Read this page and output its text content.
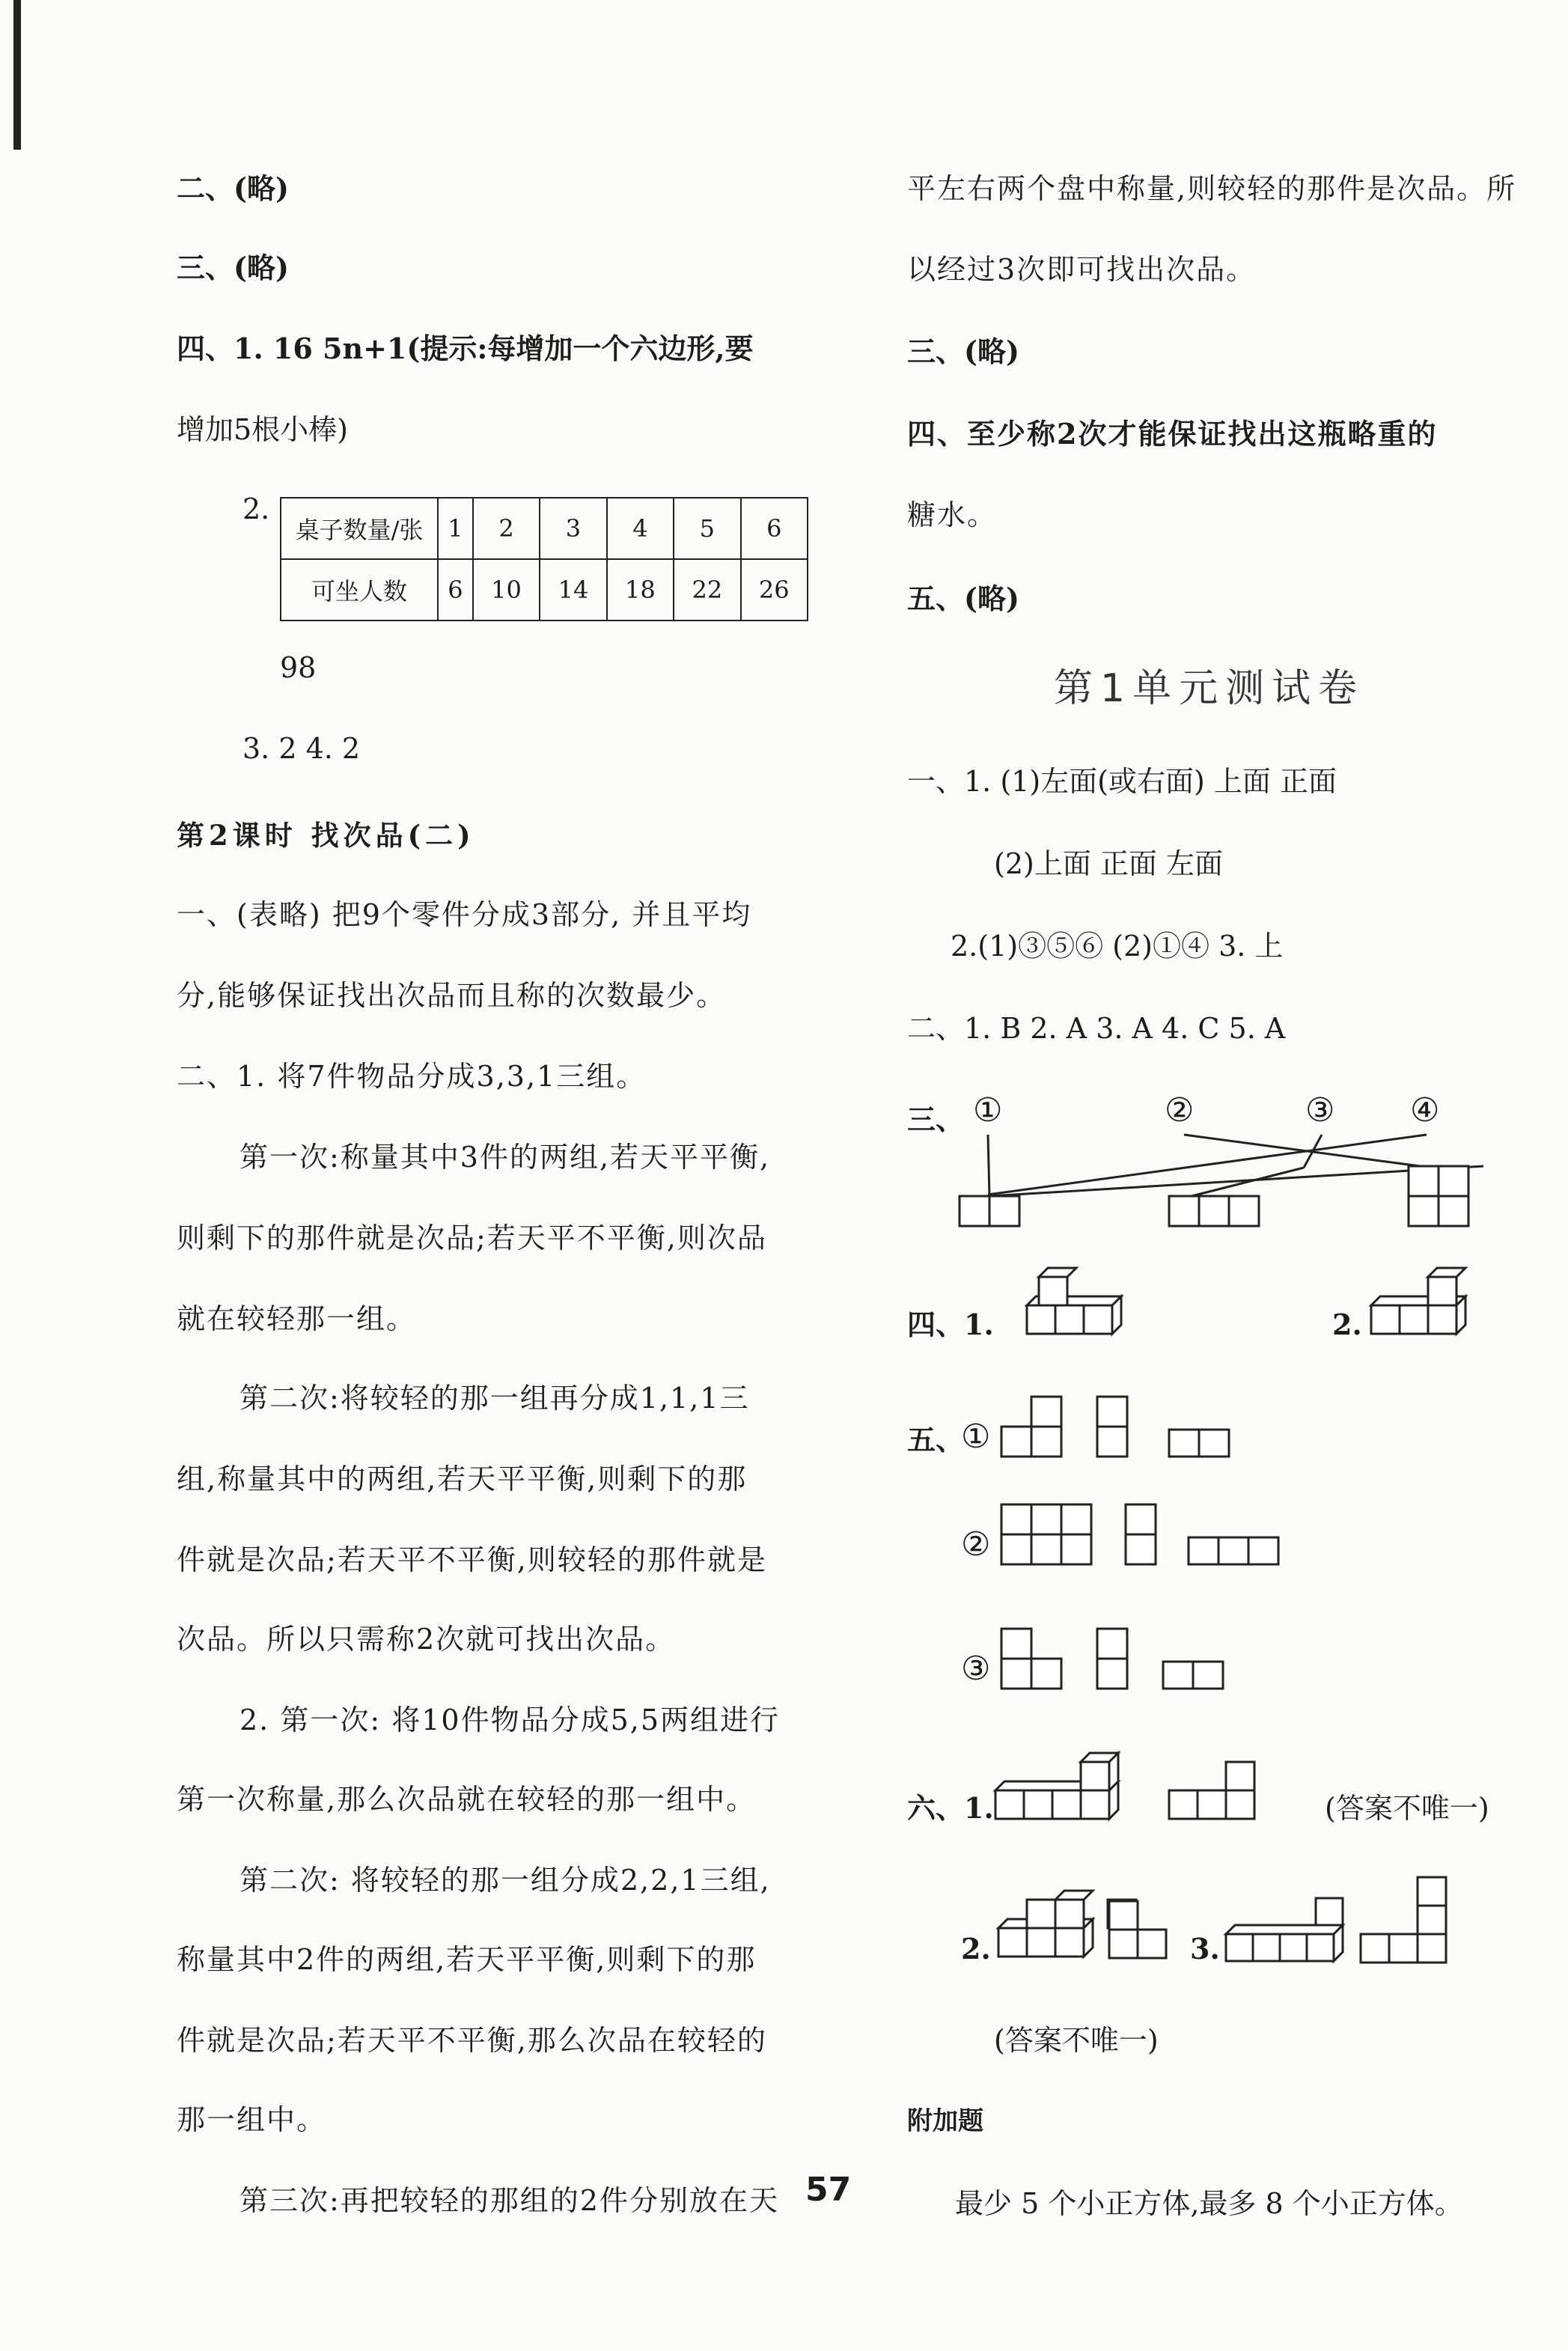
二、(略)
三、(略)
四、1. 16 5n+1(提示:每增加一个六边形,要
增加5根小棒)
2.
桌子数量/张	1	2	3	4	5	6
可坐人数	6	10	14	18	22	26
98
3. 2 4. 2
第2课时 找次品(二)
一、(表略) 把9个零件分成3部分, 并且平均
分,能够保证找出次品而且称的次数最少。
二、1. 将7件物品分成3,3,1三组。
第一次:称量其中3件的两组,若天平平衡,
则剩下的那件就是次品;若天平不平衡,则次品
就在较轻那一组。
第二次:将较轻的那一组再分成1,1,1三
组,称量其中的两组,若天平平衡,则剩下的那
件就是次品;若天平不平衡,则较轻的那件就是
次品。所以只需称2次就可找出次品。
2. 第一次: 将10件物品分成5,5两组进行
第一次称量,那么次品就在较轻的那一组中。
第二次: 将较轻的那一组分成2,2,1三组,
称量其中2件的两组,若天平平衡,则剩下的那
件就是次品;若天平不平衡,那么次品在较轻的
那一组中。
第三次:再把较轻的那组的2件分别放在天
平左右两个盘中称量,则较轻的那件是次品。所
以经过3次即可找出次品。
三、(略)
四、至少称2次才能保证找出这瓶略重的
糖水。
五、(略)
第1单元测试卷
一、1. (1)左面(或右面) 上面 正面
(2)上面 正面 左面
2.(1)③⑤⑥ (2)①④ 3. 上
二、1. B 2. A 3. A 4. C 5. A
三、 ①	②	③ ④
四、1.	2.
五、
①
②
③
六、1.	(答案不唯一)
2.	3.
(答案不唯一)
附加题
最少 5 个小正方体,最多 8 个小正方体。
57
